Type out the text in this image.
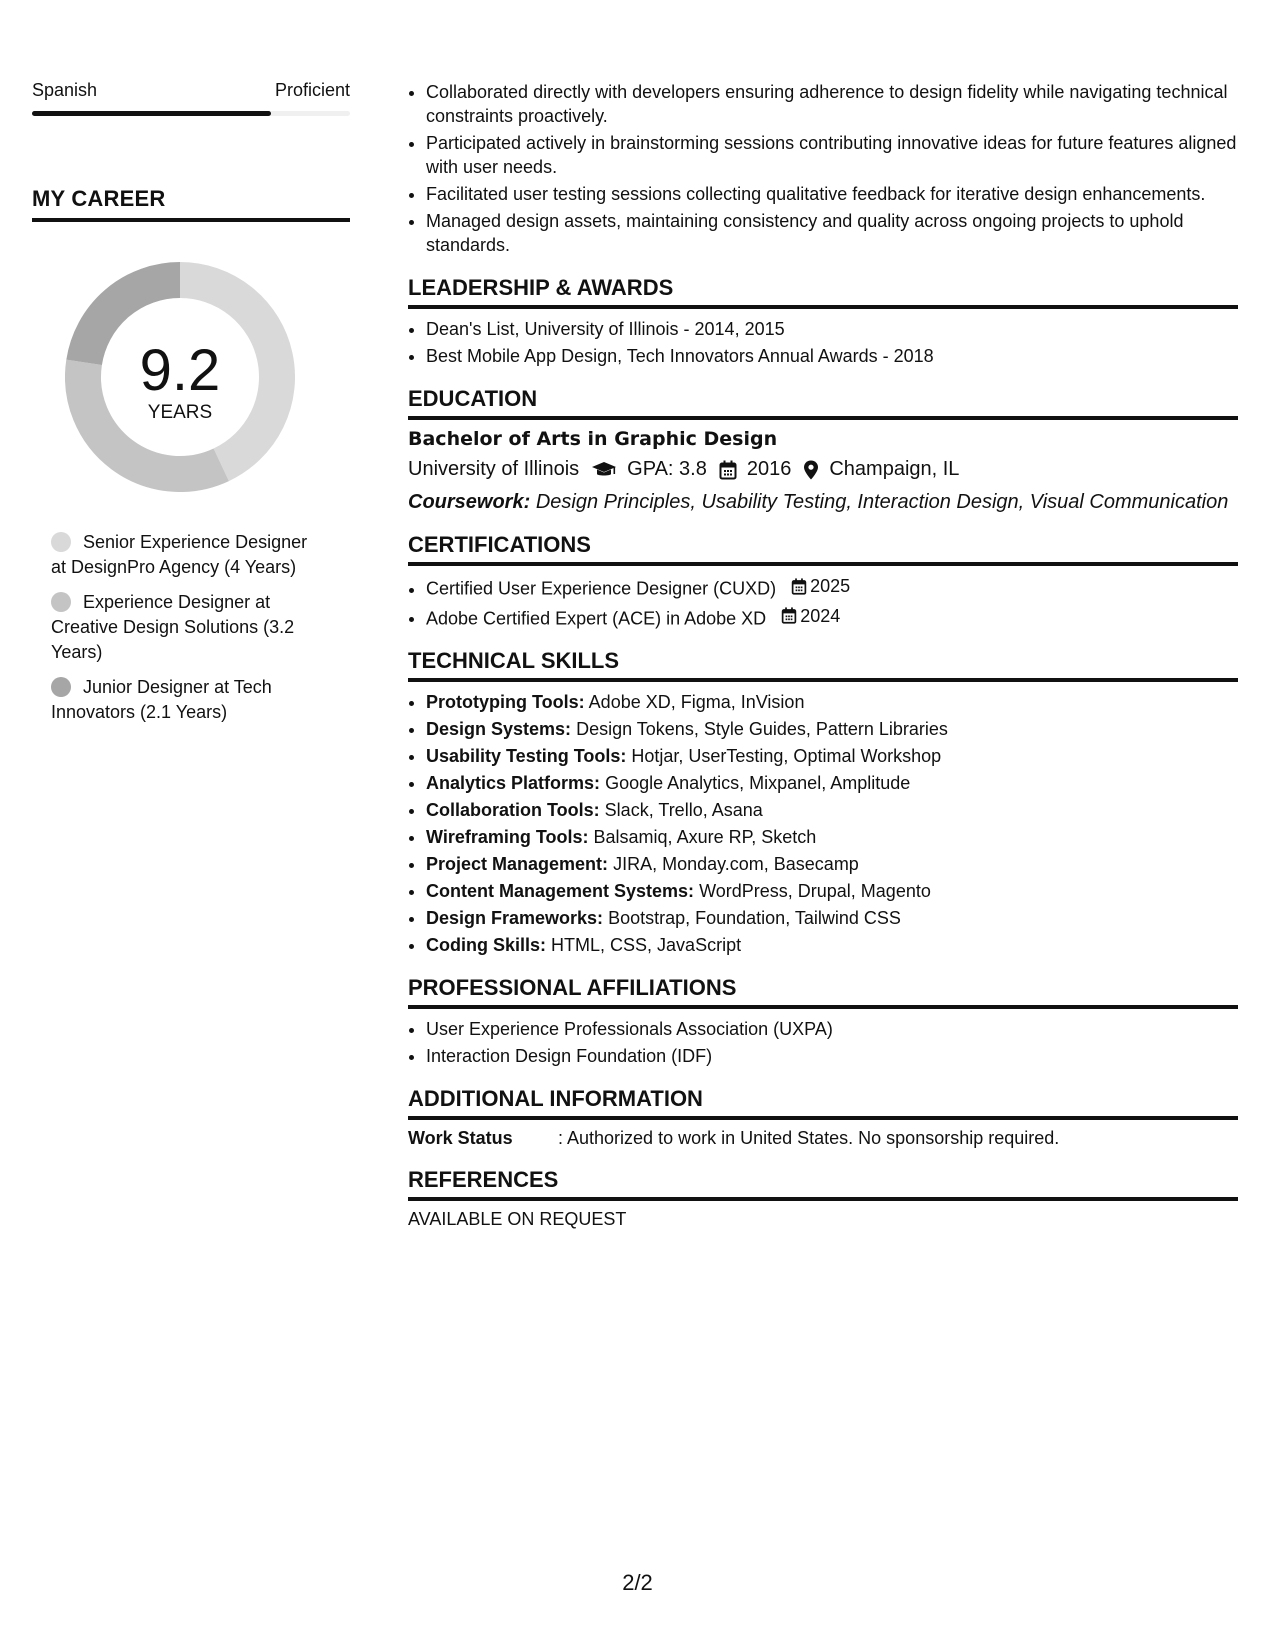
Spanish	Proficient
MY CAREER
9.2
YEARS
Senior Experience Designer at DesignPro Agency (4 Years)
Experience Designer at Creative Design Solutions (3.2 Years)
Junior Designer at Tech Innovators (2.1 Years)
• Collaborated directly with developers ensuring adherence to design fidelity while navigating technical constraints proactively.
• Participated actively in brainstorming sessions contributing innovative ideas for future features aligned with user needs.
• Facilitated user testing sessions collecting qualitative feedback for iterative design enhancements.
• Managed design assets, maintaining consistency and quality across ongoing projects to uphold standards.
LEADERSHIP & AWARDS
• Dean's List, University of Illinois - 2014, 2015
• Best Mobile App Design, Tech Innovators Annual Awards - 2018
EDUCATION
Bachelor of Arts in Graphic Design
University of Illinois GPA: 3.8 2016 Champaign, IL
Coursework: Design Principles, Usability Testing, Interaction Design, Visual Communication
CERTIFICATIONS
• Certified User Experience Designer (CUXD) 2025
• Adobe Certified Expert (ACE) in Adobe XD 2024
TECHNICAL SKILLS
• Prototyping Tools: Adobe XD, Figma, InVision
• Design Systems: Design Tokens, Style Guides, Pattern Libraries
• Usability Testing Tools: Hotjar, UserTesting, Optimal Workshop
• Analytics Platforms: Google Analytics, Mixpanel, Amplitude
• Collaboration Tools: Slack, Trello, Asana
• Wireframing Tools: Balsamiq, Axure RP, Sketch
• Project Management: JIRA, Monday.com, Basecamp
• Content Management Systems: WordPress, Drupal, Magento
• Design Frameworks: Bootstrap, Foundation, Tailwind CSS
• Coding Skills: HTML, CSS, JavaScript
PROFESSIONAL AFFILIATIONS
• User Experience Professionals Association (UXPA)
• Interaction Design Foundation (IDF)
ADDITIONAL INFORMATION
Work Status	: Authorized to work in United States. No sponsorship required.
REFERENCES
AVAILABLE ON REQUEST
2/2
